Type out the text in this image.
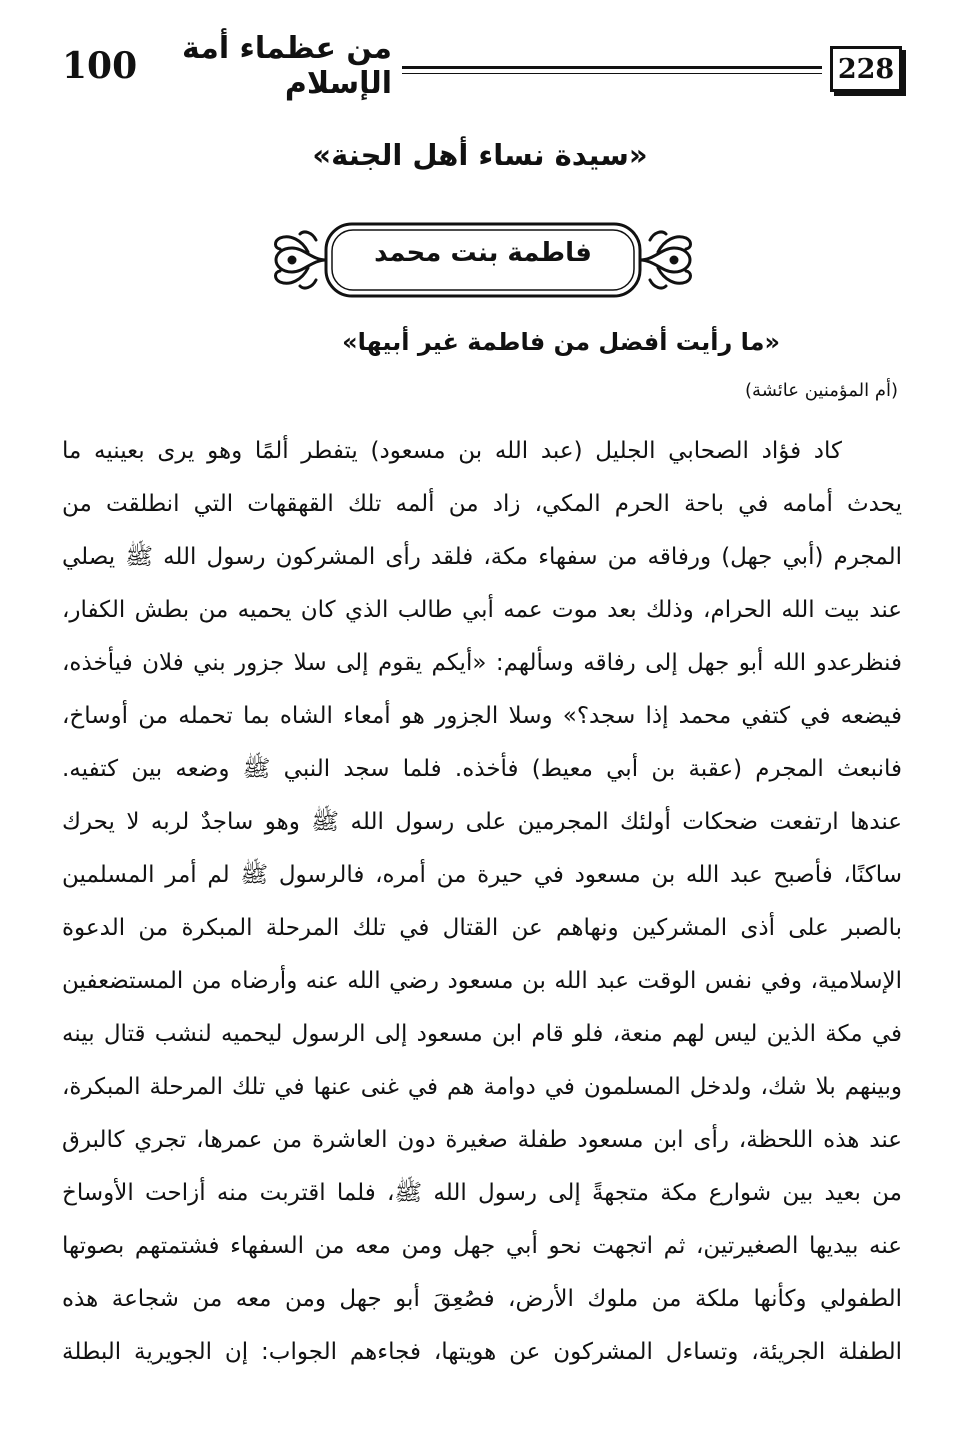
100	من عظماء أمة الإسلام	228
«سيدة نساء أهل الجنة»
فاطمة بنت محمد
«ما رأيت أفضل من فاطمة غير أبيها»
(أم المؤمنين عائشة)
كاد فؤاد الصحابي الجليل (عبد الله بن مسعود) يتفطر ألمًا وهو يرى بعينيه ما
يحدث أمامه في باحة الحرم المكي، زاد من ألمه تلك القهقهات التي انطلقت من
المجرم (أبي جهل) ورفاقه من سفهاء مكة، فلقد رأى المشركون رسول الله ﷺ يصلي
عند بيت الله الحرام، وذلك بعد موت عمه أبي طالب الذي كان يحميه من بطش الكفار،
فنظرعدو الله أبو جهل إلى رفاقه وسألهم: «أيكم يقوم إلى سلا جزور بني فلان فيأخذه،
فيضعه في كتفي محمد إذا سجد؟» وسلا الجزور هو أمعاء الشاه بما تحمله من أوساخ،
فانبعث المجرم (عقبة بن أبي معيط) فأخذه. فلما سجد النبي ﷺ وضعه بين كتفيه.
عندها ارتفعت ضحكات أولئك المجرمين على رسول الله ﷺ وهو ساجدٌ لربه لا يحرك
ساكنًا، فأصبح عبد الله بن مسعود في حيرة من أمره، فالرسول ﷺ لم أمر المسلمين
بالصبر على أذى المشركين ونهاهم عن القتال في تلك المرحلة المبكرة من الدعوة
الإسلامية، وفي نفس الوقت عبد الله بن مسعود رضي الله عنه وأرضاه من المستضعفين
في مكة الذين ليس لهم منعة، فلو قام ابن مسعود إلى الرسول ليحميه لنشب قتال بينه
وبينهم بلا شك، ولدخل المسلمون في دوامة هم في غنى عنها في تلك المرحلة المبكرة،
عند هذه اللحظة، رأى ابن مسعود طفلة صغيرة دون العاشرة من عمرها، تجري كالبرق
من بعيد بين شوارع مكة متجهةً إلى رسول الله ﷺ، فلما اقتربت منه أزاحت الأوساخ
عنه بيديها الصغيرتين، ثم اتجهت نحو أبي جهل ومن معه من السفهاء فشتمتهم بصوتها
الطفولي وكأنها ملكة من ملوك الأرض، فصُعِقَ أبو جهل ومن معه من شجاعة هذه
الطفلة الجريئة، وتساءل المشركون عن هويتها، فجاءهم الجواب: إن الجويرية البطلة
